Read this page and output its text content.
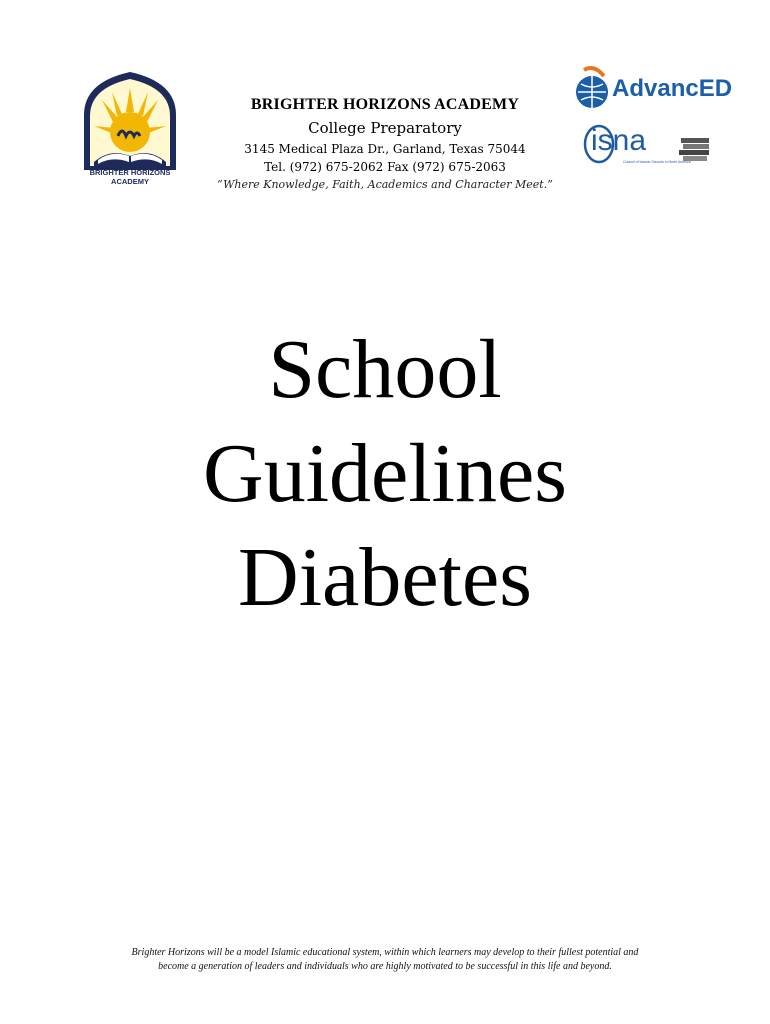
BRIGHTER HORIZONS
ACADEMY
BRIGHTER HORIZONS ACADEMY
College Preparatory
3145 Medical Plaza Dr., Garland, Texas 75044
Tel. (972) 675-2062 Fax (972) 675-2063
“Where Knowledge, Faith, Academics and Character Meet.”
AdvancED
isna
Council of Islamic Schools in North America
School
Guidelines
Diabetes
Brighter Horizons will be a model Islamic educational system, within which learners may develop to their fullest potential and
become a generation of leaders and individuals who are highly motivated to be successful in this life and beyond.
